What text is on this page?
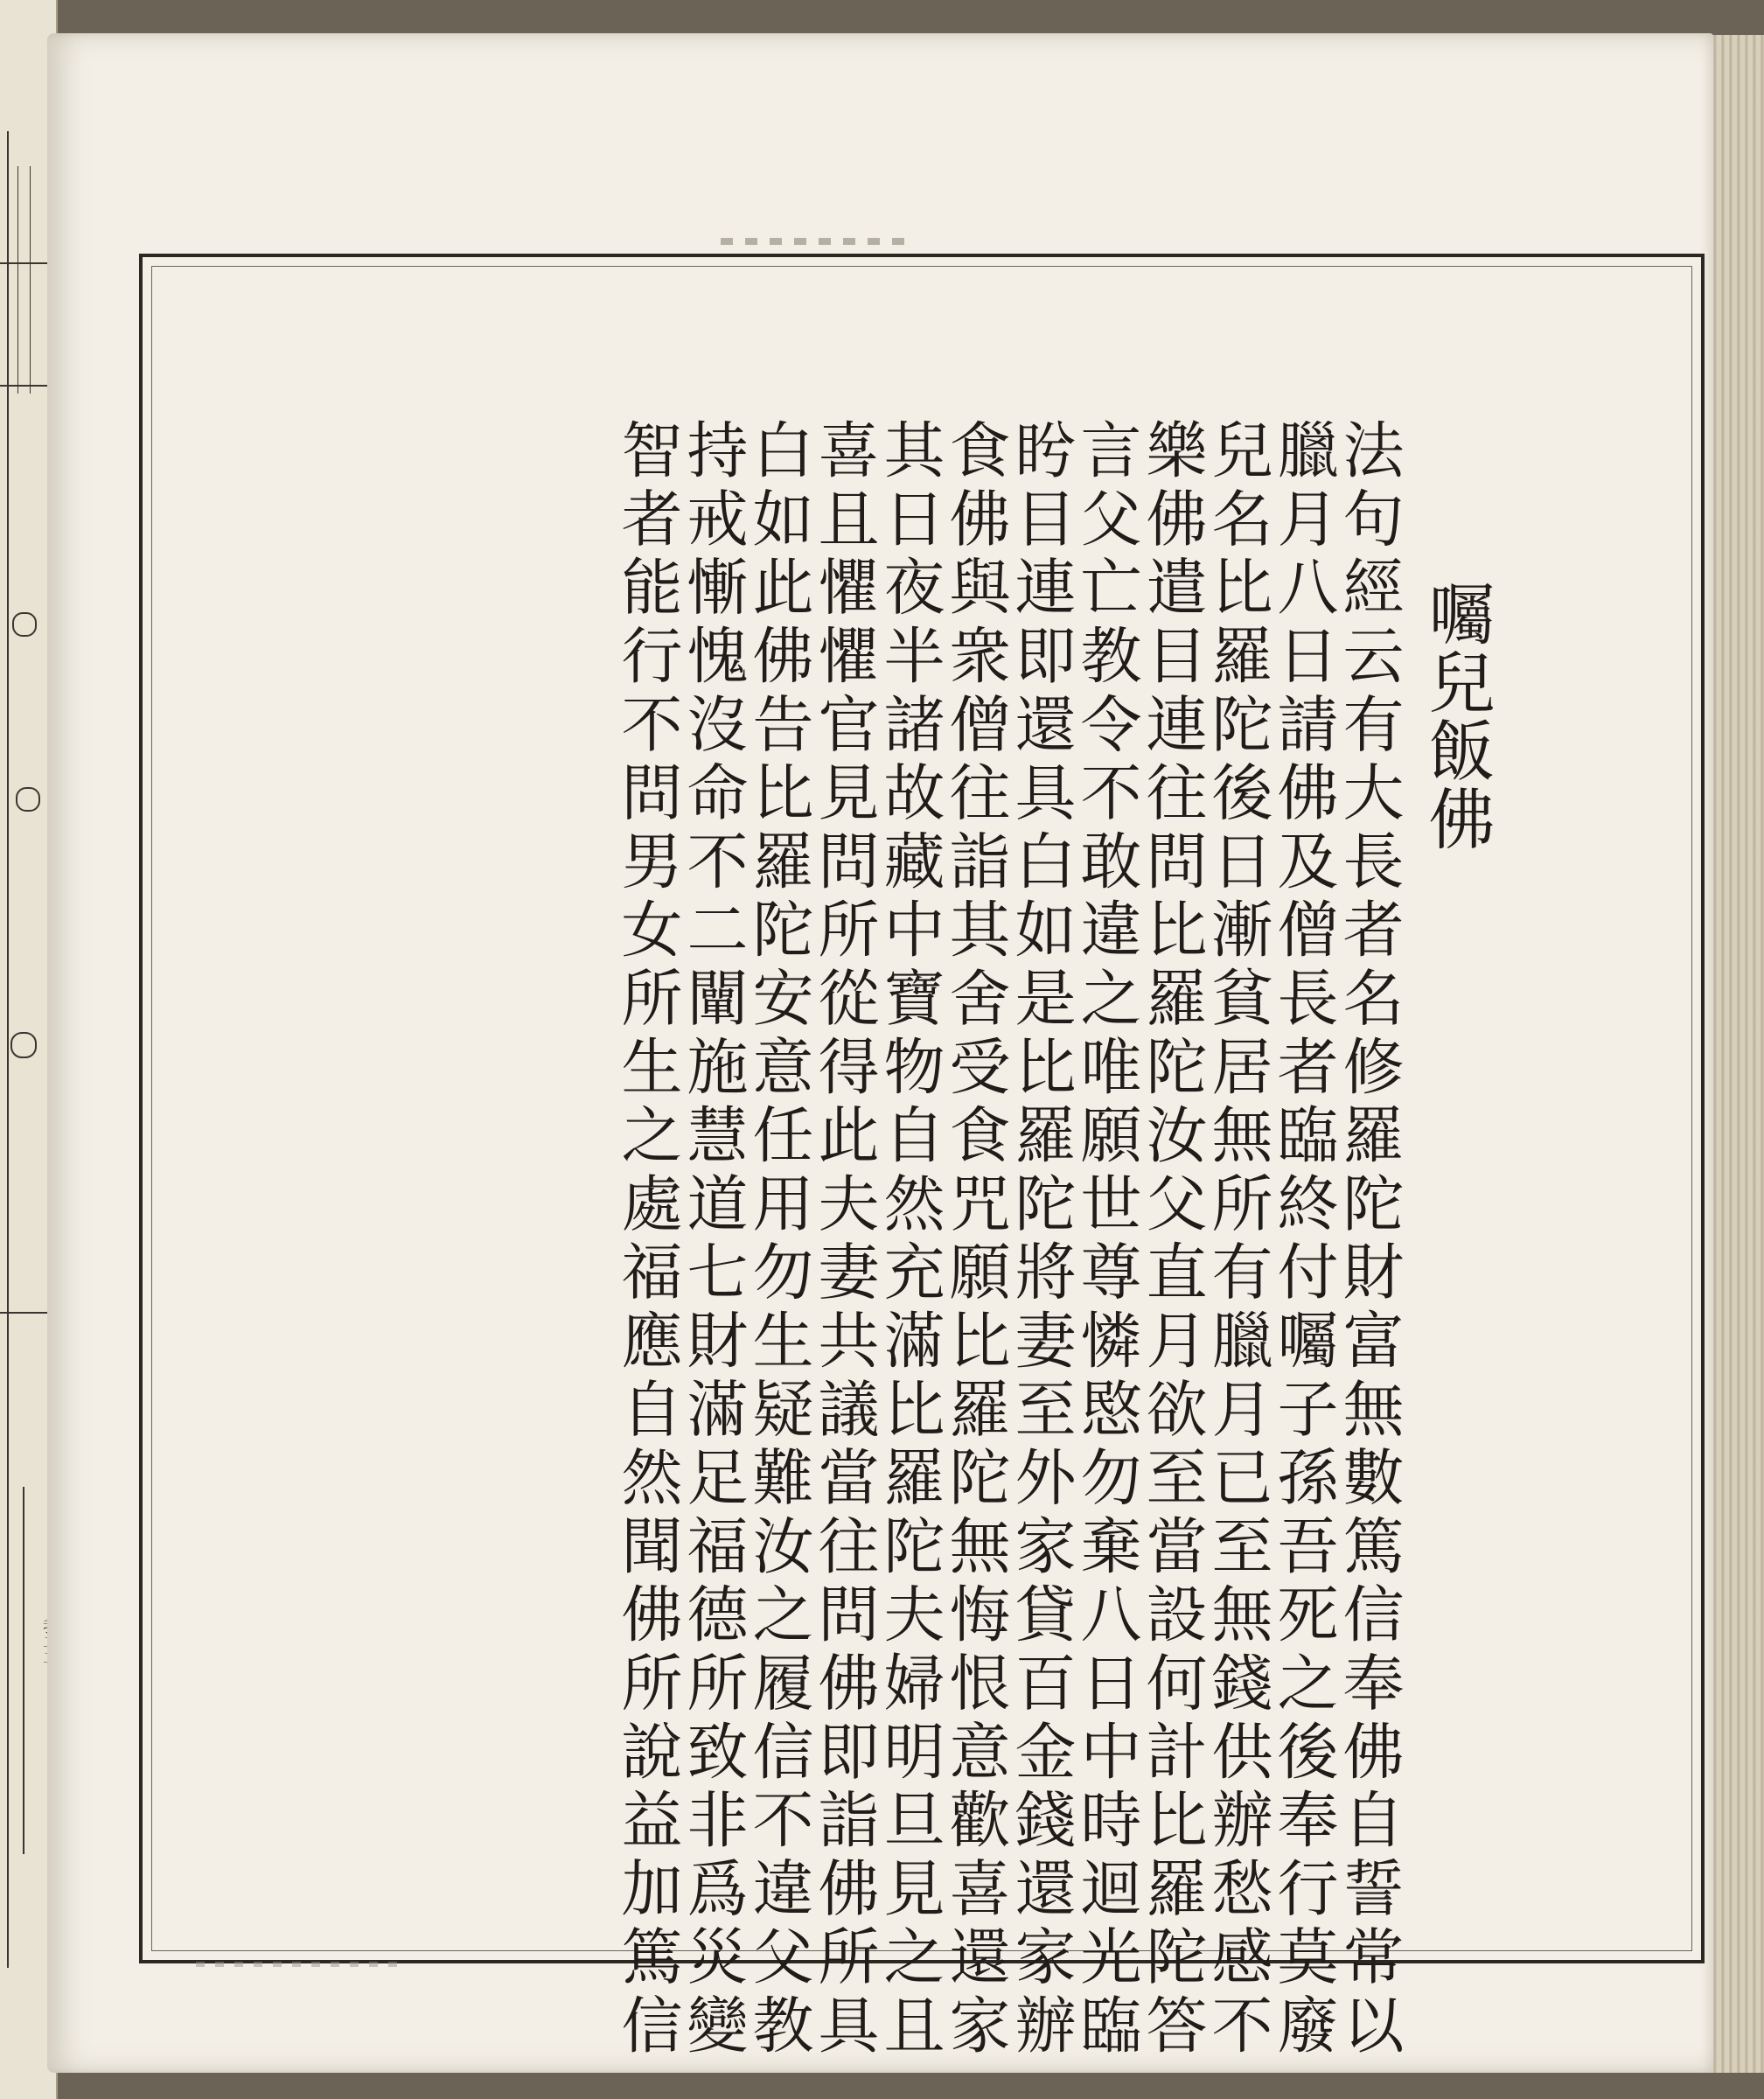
囑兒飯佛
法句經云有大長者名修羅陀財富無數篤信奉佛自誓常以
臘月八日請佛及僧長者臨終付囑子孫吾死之後奉行莫廢
兒名比羅陀後日漸貧居無所有臘月已至無錢供辦愁感不
樂佛遣目連往問比羅陀汝父直月欲至當設何計比羅陀答
言父亡教令不敢違之唯願世尊憐愍勿棄八日中時迴光臨
盻目連即還具白如是比羅陀將妻至外家貸百金錢還家辦
食佛與衆僧往詣其舍受食咒願比羅陀無悔恨意歡喜還家
其日夜半諸故藏中寶物自然充滿比羅陀夫婦明旦見之且
喜且懼懼官見問所從得此夫妻共議當往問佛即詣佛所具
白如此佛告比羅陀安意任用勿生疑難汝之履信不違父教
持戒慚愧沒命不二闡施慧道七財滿足福德所致非爲災變
智者能行不問男女所生之處福應自然聞佛所說益加篤信
